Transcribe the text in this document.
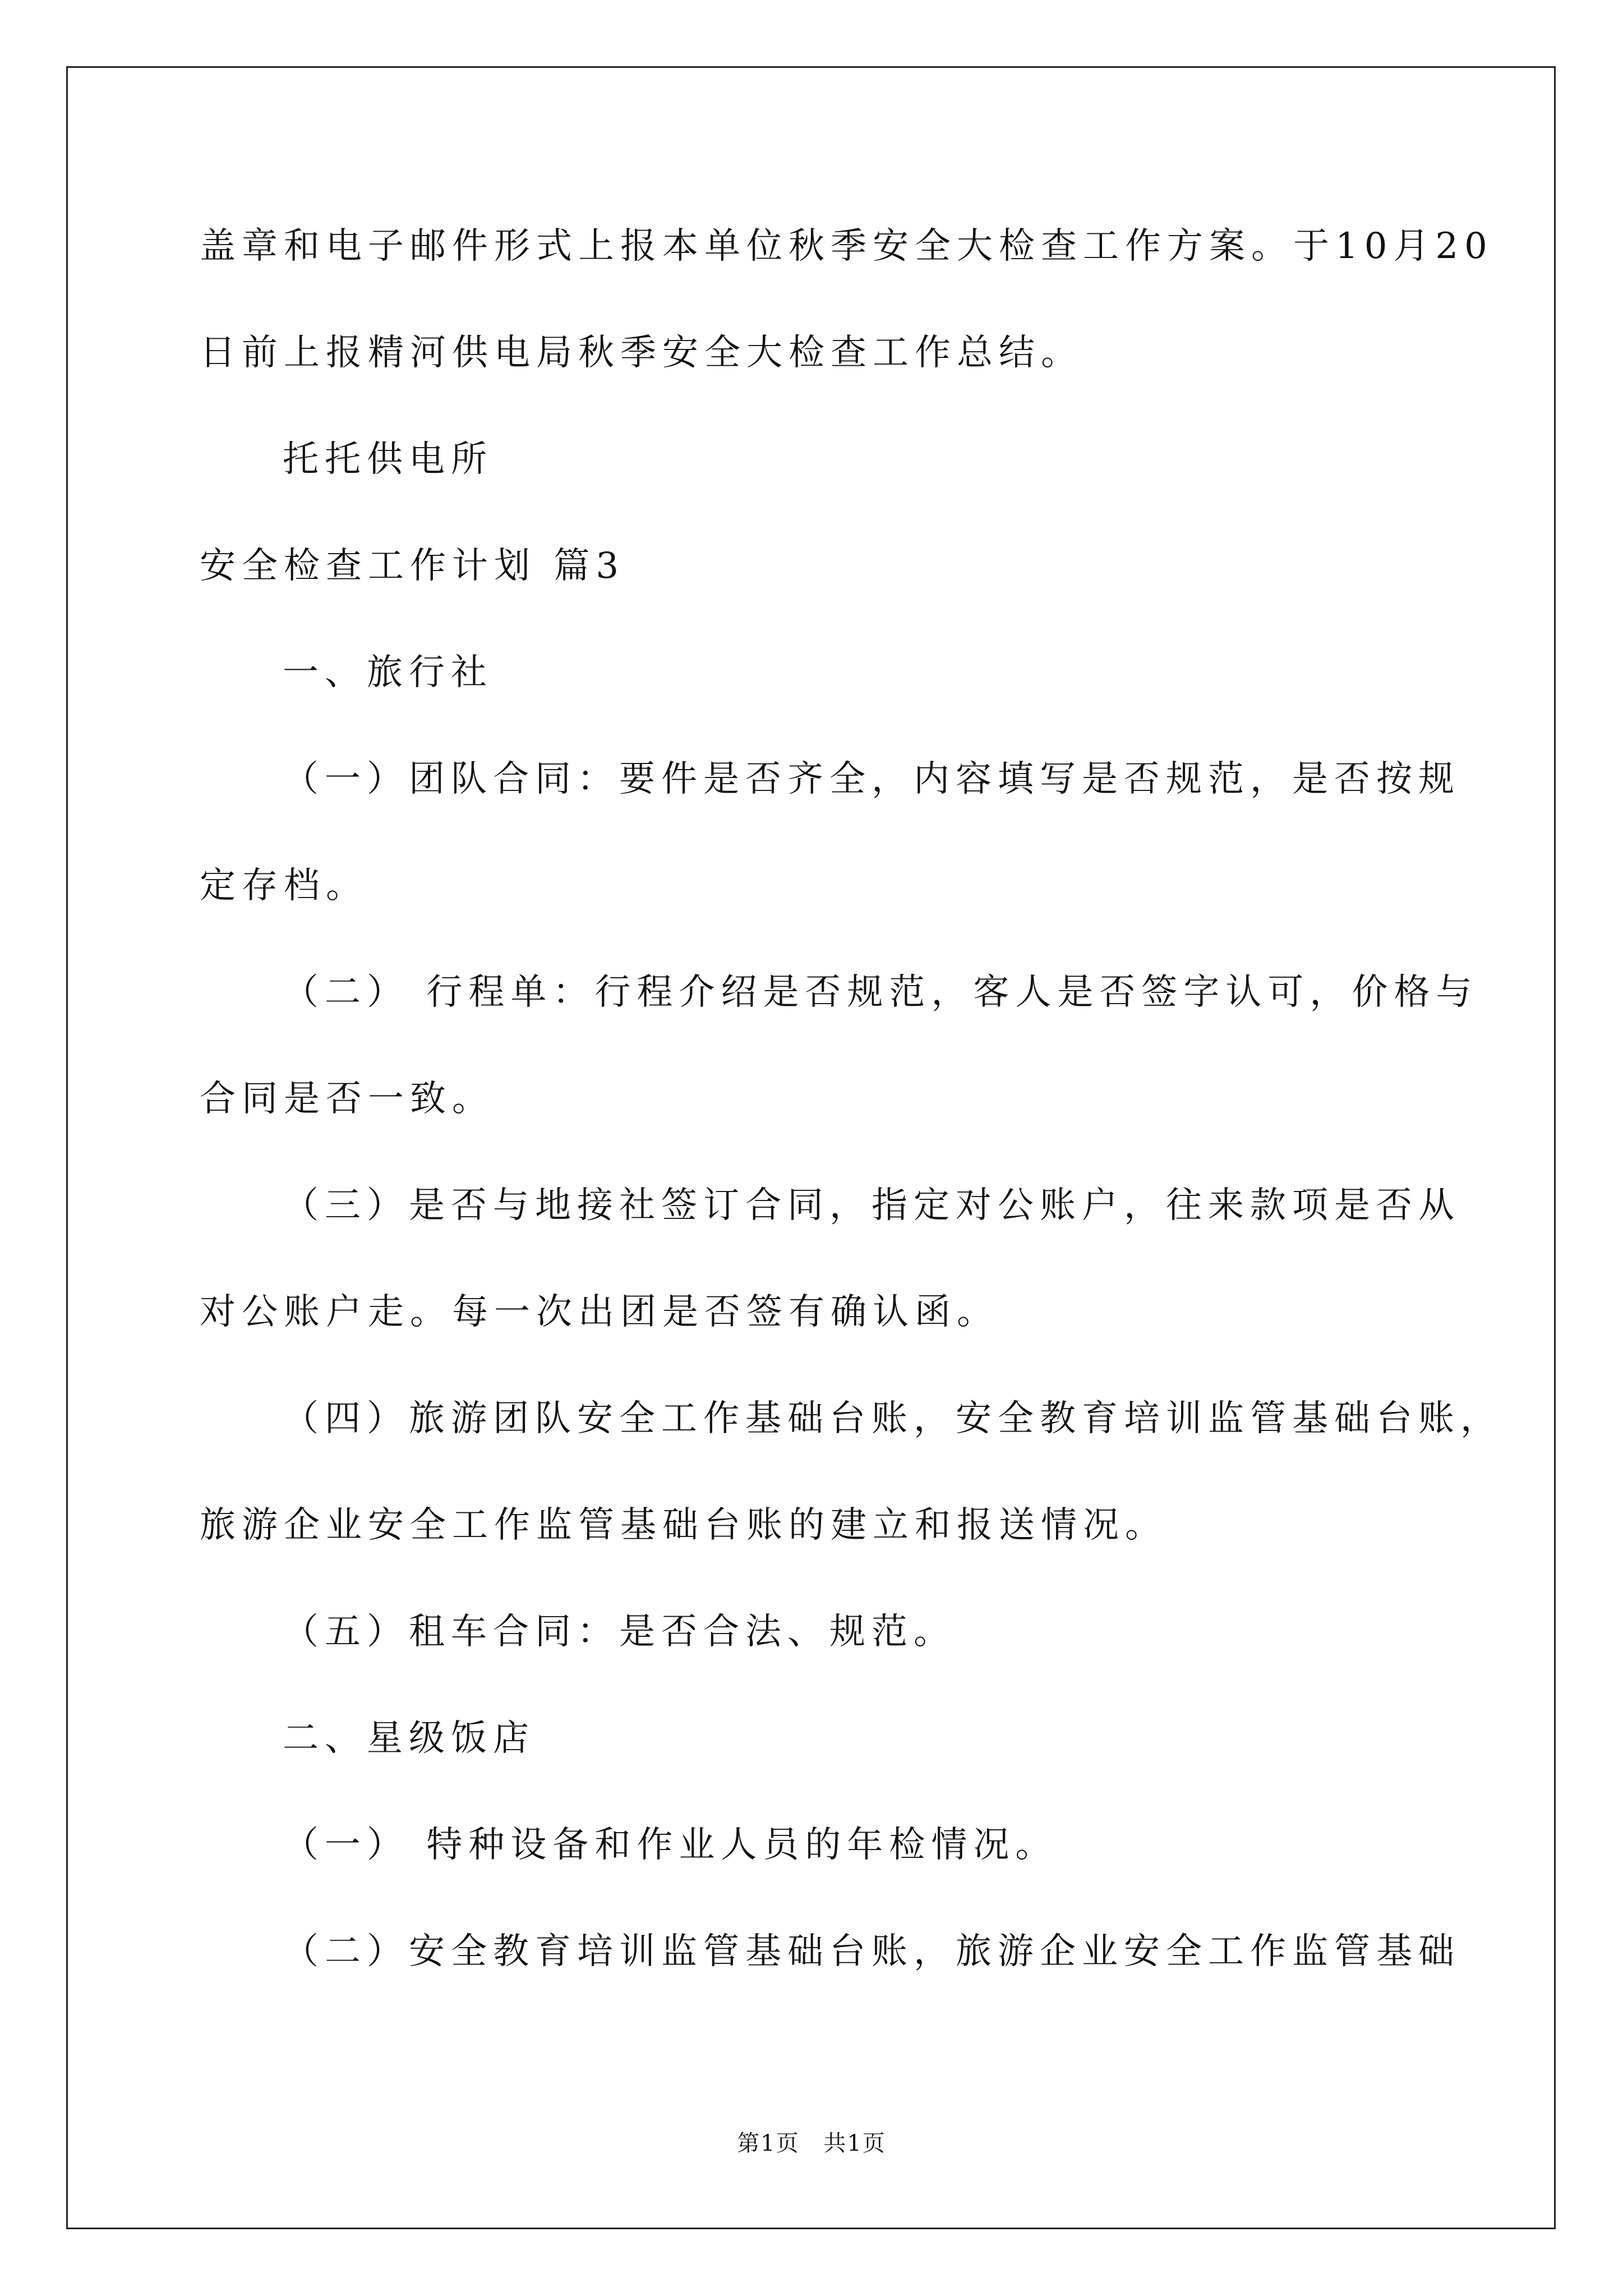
盖章和电子邮件形式上报本单位秋季安全大检查工作方案。于10月20
日前上报精河供电局秋季安全大检查工作总结。
托托供电所
安全检查工作计划 篇3
一、旅行社
（一）团队合同：要件是否齐全，内容填写是否规范，是否按规
定存档。
（二） 行程单：行程介绍是否规范，客人是否签字认可，价格与
合同是否一致。
（三）是否与地接社签订合同，指定对公账户，往来款项是否从
对公账户走。每一次出团是否签有确认函。
（四）旅游团队安全工作基础台账，安全教育培训监管基础台账，
旅游企业安全工作监管基础台账的建立和报送情况。
（五）租车合同：是否合法、规范。
二、星级饭店
（一） 特种设备和作业人员的年检情况。
（二）安全教育培训监管基础台账，旅游企业安全工作监管基础
第1页 共1页
